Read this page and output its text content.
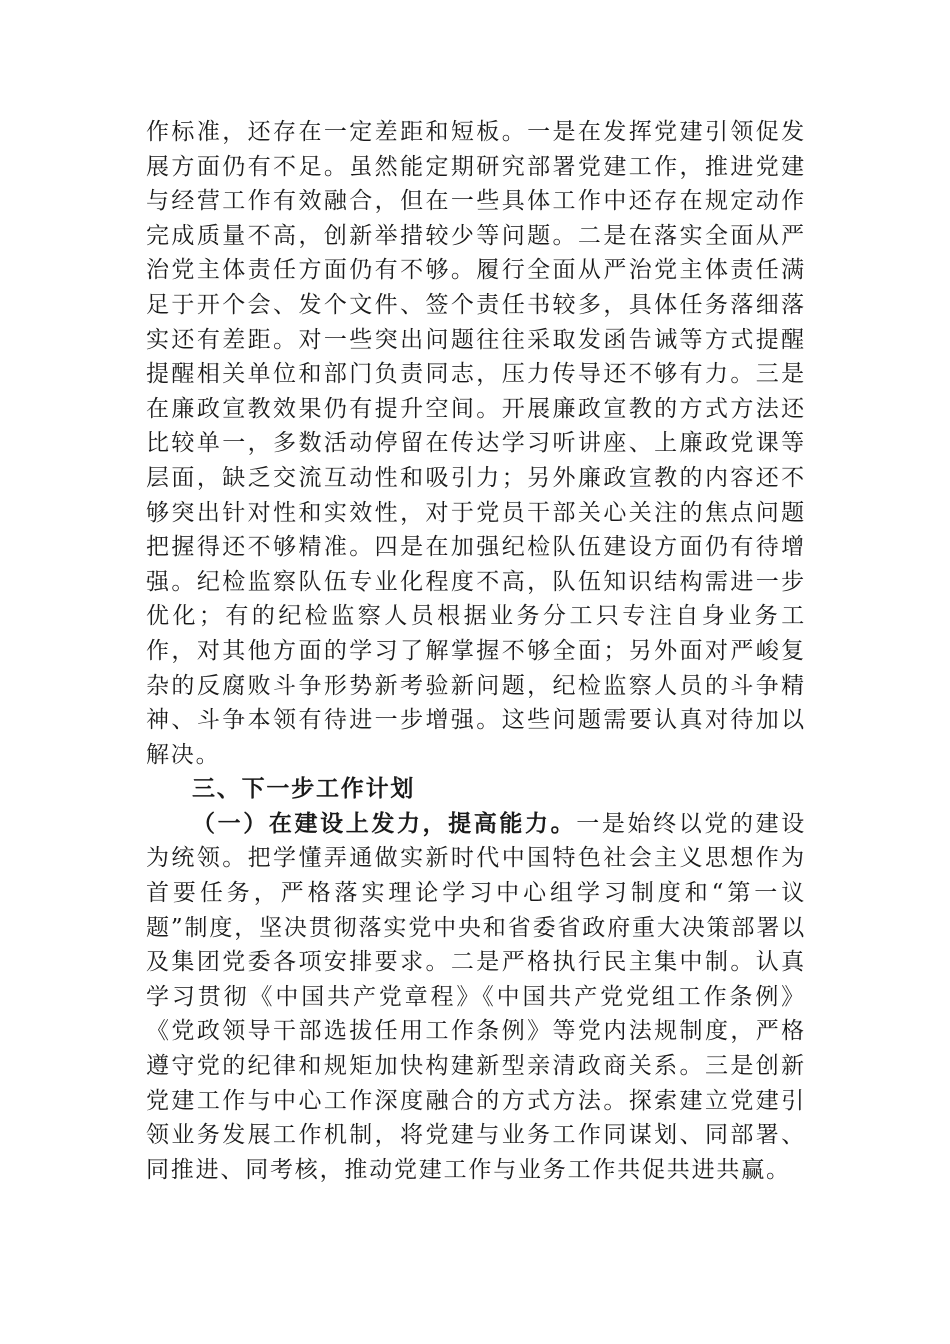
作标准，还存在一定差距和短板。一是在发挥党建引领促发展方面仍有不足。虽然能定期研究部署党建工作，推进党建与经营工作有效融合，但在一些具体工作中还存在规定动作完成质量不高，创新举措较少等问题。二是在落实全面从严治党主体责任方面仍有不够。履行全面从严治党主体责任满足于开个会、发个文件、签个责任书较多，具体任务落细落实还有差距。对一些突出问题往往采取发函告诫等方式提醒提醒相关单位和部门负责同志，压力传导还不够有力。三是在廉政宣教效果仍有提升空间。开展廉政宣教的方式方法还比较单一，多数活动停留在传达学习听讲座、上廉政党课等层面，缺乏交流互动性和吸引力；另外廉政宣教的内容还不够突出针对性和实效性，对于党员干部关心关注的焦点问题把握得还不够精准。四是在加强纪检队伍建设方面仍有待增强。纪检监察队伍专业化程度不高，队伍知识结构需进一步优化；有的纪检监察人员根据业务分工只专注自身业务工作，对其他方面的学习了解掌握不够全面；另外面对严峻复杂的反腐败斗争形势新考验新问题，纪检监察人员的斗争精神、斗争本领有待进一步增强。这些问题需要认真对待加以解决。

三、下一步工作计划

（一）在建设上发力，提高能力。一是始终以党的建设为统领。把学懂弄通做实新时代中国特色社会主义思想作为首要任务，严格落实理论学习中心组学习制度和“第一议题”制度，坚决贯彻落实党中央和省委省政府重大决策部署以及集团党委各项安排要求。二是严格执行民主集中制。认真学习贯彻《中国共产党章程》《中国共产党党组工作条例》《党政领导干部选拔任用工作条例》等党内法规制度，严格遵守党的纪律和规矩加快构建新型亲清政商关系。三是创新党建工作与中心工作深度融合的方式方法。探索建立党建引领业务发展工作机制，将党建与业务工作同谋划、同部署、同推进、同考核，推动党建工作与业务工作共促共进共赢。
